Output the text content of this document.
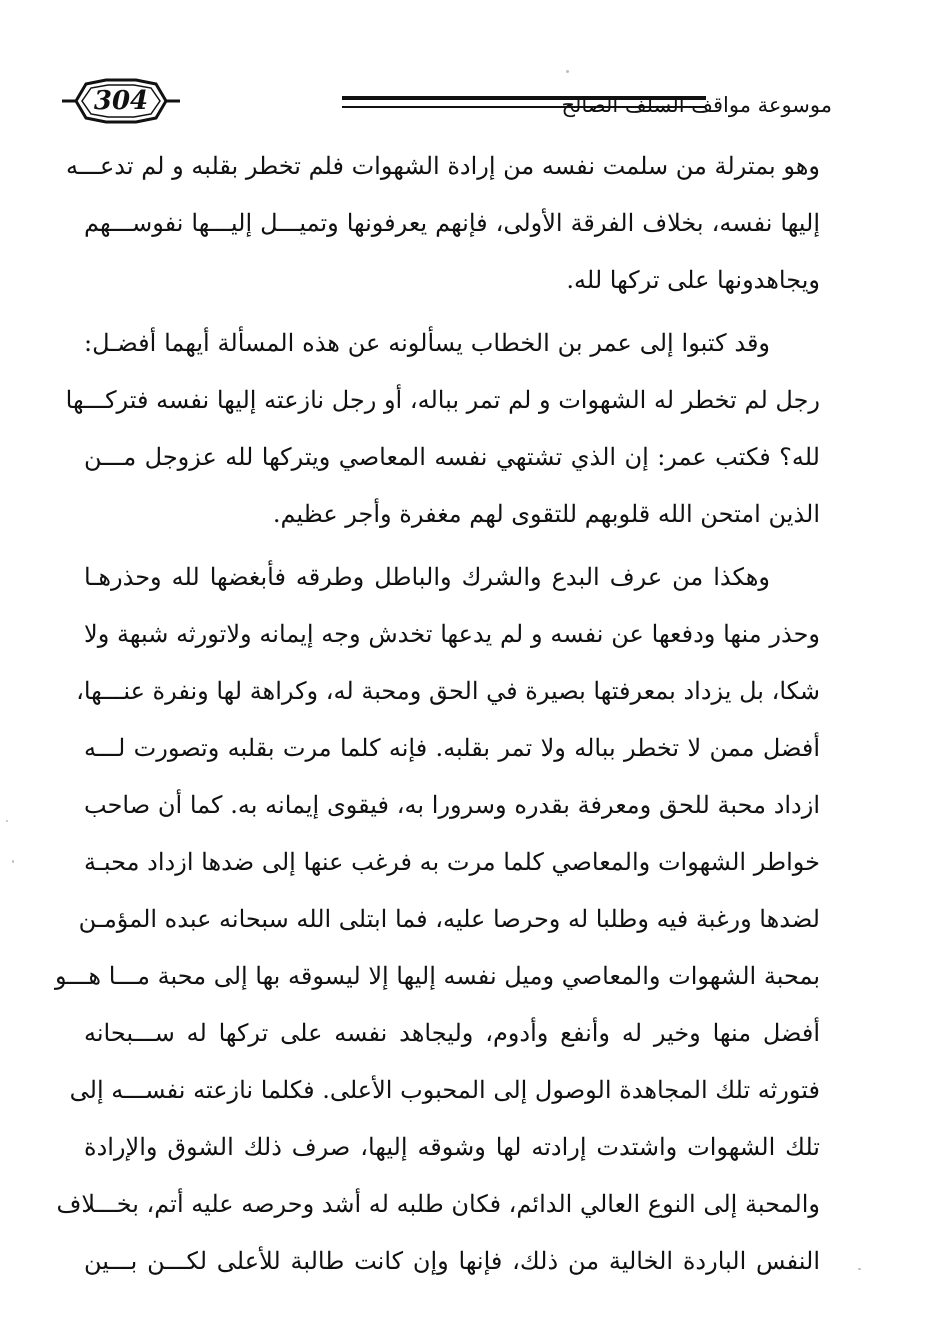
304	موسوعة مواقف السلف الصالح

وهو بمترلة من سلمت نفسه من إرادة الشهوات فلم تخطر بقلبه و لم تدعـــه
إليها نفسه، بخلاف الفرقة الأولى، فإنهم يعرفونها وتميـــل إليـــها نفوســـهم
ويجاهدونها على تركها لله.

وقد كتبوا إلى عمر بن الخطاب يسألونه عن هذه المسألة أيهما أفضـل:
رجل لم تخطر له الشهوات و لم تمر بباله، أو رجل نازعته إليها نفسه فتركـــها
لله؟ فكتب عمر: إن الذي تشتهي نفسه المعاصي ويتركها لله عزوجل مـــن
الذين امتحن الله قلوبهم للتقوى لهم مغفرة وأجر عظيم.

وهكذا من عرف البدع والشرك والباطل وطرقه فأبغضها لله وحذرهـا
وحذر منها ودفعها عن نفسه و لم يدعها تخدش وجه إيمانه ولاتورثه شبهة ولا
شكا، بل يزداد بمعرفتها بصيرة في الحق ومحبة له، وكراهة لها ونفرة عنـــها،
أفضل ممن لا تخطر بباله ولا تمر بقلبه. فإنه كلما مرت بقلبه وتصورت لـــه
ازداد محبة للحق ومعرفة بقدره وسرورا به، فيقوى إيمانه به. كما أن صاحب
خواطر الشهوات والمعاصي كلما مرت به فرغب عنها إلى ضدها ازداد محبـة
لضدها ورغبة فيه وطلبا له وحرصا عليه، فما ابتلى الله سبحانه عبده المؤمـن
بمحبة الشهوات والمعاصي وميل نفسه إليها إلا ليسوقه بها إلى محبة مـــا هـــو
أفضل منها وخير له وأنفع وأدوم، وليجاهد نفسه على تركها له ســـبحانه
فتورثه تلك المجاهدة الوصول إلى المحبوب الأعلى. فكلما نازعته نفســـه إلى
تلك الشهوات واشتدت إرادته لها وشوقه إليها، صرف ذلك الشوق والإرادة
والمحبة إلى النوع العالي الدائم، فكان طلبه له أشد وحرصه عليه أتم، بخـــلاف
النفس الباردة الخالية من ذلك، فإنها وإن كانت طالبة للأعلى لكـــن بـــين
